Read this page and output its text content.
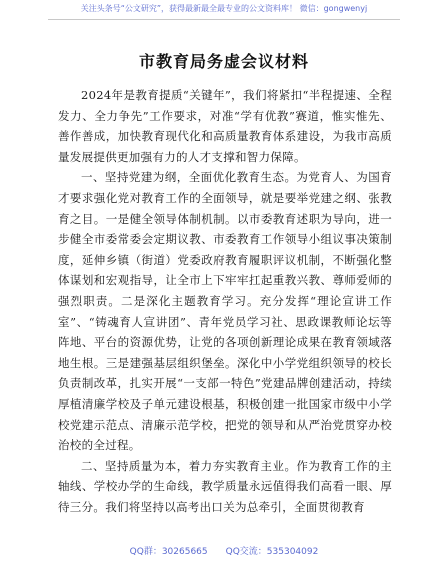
关注头条号“公文研究”，获得最新最全最专业的公文资料库！ 微信：gongwenyj
市教育局务虚会议材料

2024年是教育提质“关键年”，我们将紧扣“半程提速、全程发力、全力争先”工作要求，对准“学有优教”赛道，惟实惟先、善作善成，加快教育现代化和高质量教育体系建设，为我市高质量发展提供更加强有力的人才支撑和智力保障。

一、坚持党建为纲，全面优化教育生态。为党育人、为国育才要求强化党对教育工作的全面领导，就是要举党建之纲、张教育之目。一是健全领导体制机制。以市委教育述职为导向，进一步健全市委常委会定期议教、市委教育工作领导小组议事决策制度，延伸乡镇（街道）党委政府教育履职评议机制，不断强化整体谋划和宏观指导，让全市上下牢牢扛起重教兴教、尊师爱师的强烈职责。二是深化主题教育学习。充分发挥“理论宣讲工作室”、“铸魂育人宣讲团”、青年党员学习社、思政课教师论坛等阵地、平台的资源优势，让党的各项创新理论成果在教育领域落地生根。三是建强基层组织堡垒。深化中小学党组织领导的校长负责制改革，扎实开展“一支部一特色”党建品牌创建活动，持续厚植清廉学校及子单元建设根基，积极创建一批国家市级中小学校党建示范点、清廉示范学校，把党的领导和从严治党贯穿办校治校的全过程。

二、坚持质量为本，着力夯实教育主业。作为教育工作的主轴线、学校办学的生命线，教学质量永远值得我们高看一眼、厚待三分。我们将坚持以高考出口关为总牵引，全面贯彻教育

QQ群：30265665　　QQ交流：535304092
